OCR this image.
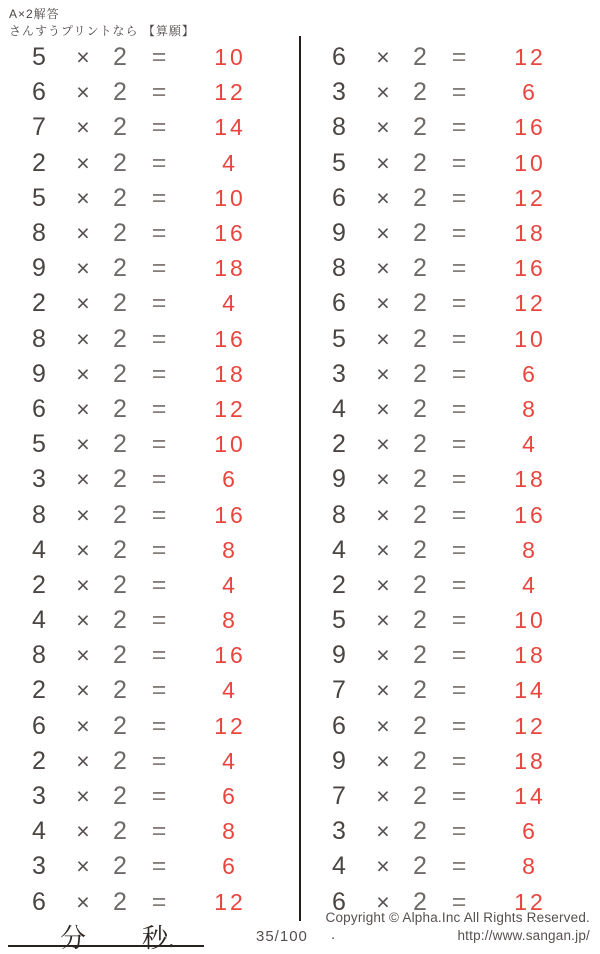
A×2解答
さんすうプリントなら 【算願】
5	× 2 =	10
6	× 2 =	12
7	× 2 =	14
2	× 2 =	4
5	× 2 =	10
8	× 2 =	16
9	× 2 =	18
2	× 2 =	4
8	× 2 =	16
9	× 2 =	18
6	× 2 =	12
5	× 2 =	10
3	× 2 =	6
8	× 2 =	16
4	× 2 =	8
2	× 2 =	4
4	× 2 =	8
8	× 2 =	16
2	× 2 =	4
6	× 2 =	12
2	× 2 =	4
3	× 2 =	6
4	× 2 =	8
3	× 2 =	6
6	× 2 =	12
6	× 2 =	12
3	× 2 =	6
8	× 2 =	16
5	× 2 =	10
6	× 2 =	12
9	× 2 =	18
8	× 2 =	16
6	× 2 =	12
5	× 2 =	10
3	× 2 =	6
4	× 2 =	8
2	× 2 =	4
9	× 2 =	18
8	× 2 =	16
4	× 2 =	8
2	× 2 =	4
5	× 2 =	10
9	× 2 =	18
7	× 2 =	14
6	× 2 =	12
9	× 2 =	18
7	× 2 =	14
3	× 2 =	6
4	× 2 =	8
6	× 2 =	12
分 秒.	35/100 .
Copyright © Alpha.Inc All Rights Reserved.
http://www.sangan.jp/
